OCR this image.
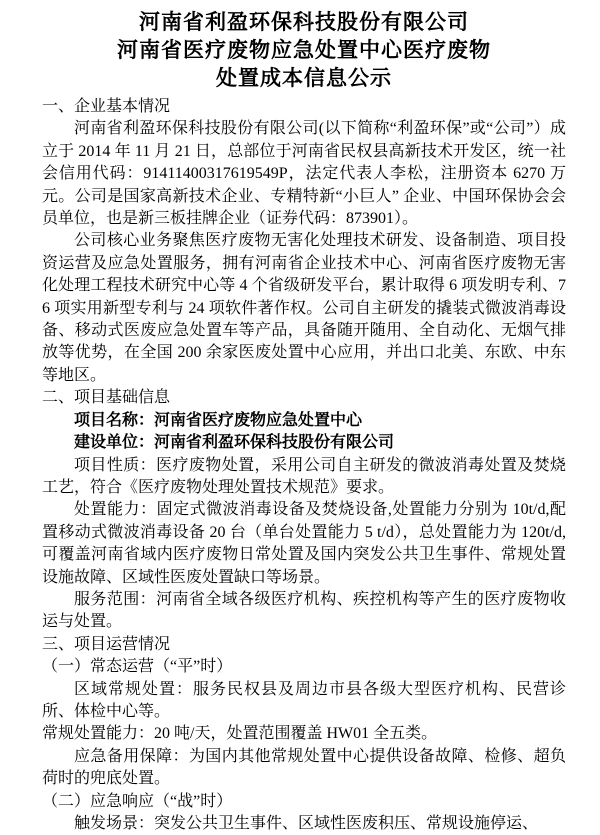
河南省利盈环保科技股份有限公司

河南省医疗废物应急处置中心医疗废物

处置成本信息公示

一、企业基本情况

河南省利盈环保科技股份有限公司(以下简称“利盈环保”或“公司”）成立于 2014 年 11 月 21 日，总部位于河南省民权县高新技术开发区，统一社会信用代码：91411400317619549P，法定代表人李松，注册资本 6270 万元。公司是国家高新技术企业、专精特新“小巨人” 企业、中国环保协会会员单位，也是新三板挂牌企业（证券代码：873901）。

公司核心业务聚焦医疗废物无害化处理技术研发、设备制造、项目投资运营及应急处置服务，拥有河南省企业技术中心、河南省医疗废物无害化处理工程技术研究中心等 4 个省级研发平台，累计取得 6 项发明专利、76 项实用新型专利与 24 项软件著作权。公司自主研发的撬装式微波消毒设备、移动式医废应急处置车等产品，具备随开随用、全自动化、无烟气排放等优势，在全国 200 余家医废处置中心应用，并出口北美、东欧、中东等地区。

二、项目基础信息

项目名称：河南省医疗废物应急处置中心

建设单位：河南省利盈环保科技股份有限公司

项目性质：医疗废物处置，采用公司自主研发的微波消毒处置及焚烧工艺，符合《医疗废物处理处置技术规范》要求。

处置能力：固定式微波消毒设备及焚烧设备,处置能力分别为 10t/d,配置移动式微波消毒设备 20 台（单台处置能力 5 t/d），总处置能力为 120t/d,可覆盖河南省域内医疗废物日常处置及国内突发公共卫生事件、常规处置设施故障、区域性医废处置缺口等场景。

服务范围：河南省全域各级医疗机构、疾控机构等产生的医疗废物收运与处置。

三、项目运营情况

（一）常态运营（“平”时）

区域常规处置：服务民权县及周边市县各级大型医疗机构、民营诊所、体检中心等。

常规处置能力：20 吨/天，处置范围覆盖 HW01 全五类。

应急备用保障：为国内其他常规处置中心提供设备故障、检修、超负荷时的兜底处置。

（二）应急响应（“战”时）

触发场景：突发公共卫生事件、区域性医废积压、常规设施停运、
